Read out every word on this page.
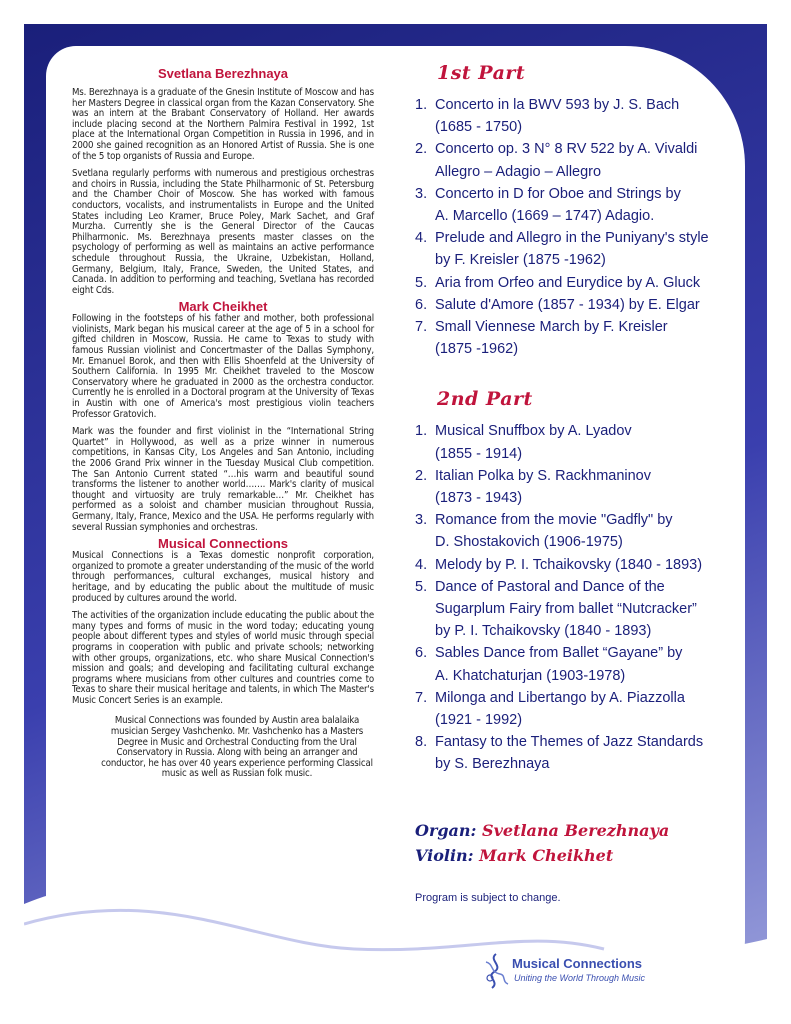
Svetlana Berezhnaya

Ms. Berezhnaya is a graduate of the Gnesin Institute of Moscow and has her Masters Degree in classical organ from the Kazan Conservatory. She was an intern at the Brabant Conservatory of Holland. Her awards include placing second at the Northern Palmira Festival in 1992, 1st place at the International Organ Competition in Russia in 1996, and in 2000 she gained recognition as an Honored Artist of Russia. She is one of the 5 top organists of Russia and Europe.

Svetlana regularly performs with numerous and prestigious orchestras and choirs in Russia, including the State Philharmonic of St. Petersburg and the Chamber Choir of Moscow. She has worked with famous conductors, vocalists, and instrumentalists in Europe and the United States including Leo Kramer, Bruce Poley, Mark Sachet, and Graf Murzha. Currently she is the General Director of the Caucas Philharmonic. Ms. Berezhnaya presents master classes on the psychology of performing as well as maintains an active performance schedule throughout Russia, the Ukraine, Uzbekistan, Holland, Germany, Belgium, Italy, France, Sweden, the United States, and Canada. In addition to performing and teaching, Svetlana has recorded eight Cds.

Mark Cheikhet

Following in the footsteps of his father and mother, both professional violinists, Mark began his musical career at the age of 5 in a school for gifted children in Moscow, Russia. He came to Texas to study with famous Russian violinist and Concertmaster of the Dallas Symphony, Mr. Emanuel Borok, and then with Ellis Shoenfeld at the University of Southern California. In 1995 Mr. Cheikhet traveled to the Moscow Conservatory where he graduated in 2000 as the orchestra conductor. Currently he is enrolled in a Doctoral program at the University of Texas in Austin with one of America's most prestigious violin teachers Professor Gratovich.

Mark was the founder and first violinist in the “International String Quartet” in Hollywood, as well as a prize winner in numerous competitions, in Kansas City, Los Angeles and San Antonio, including the 2006 Grand Prix winner in the Tuesday Musical Club competition. The San Antonio Current stated “…his warm and beautiful sound transforms the listener to another world……. Mark's clarity of musical thought and virtuosity are truly remarkable…” Mr. Cheikhet has performed as a soloist and chamber musician throughout Russia, Germany, Italy, France, Mexico and the USA. He performs regularly with several Russian symphonies and orchestras.

Musical Connections

Musical Connections is a Texas domestic nonprofit corporation, organized to promote a greater understanding of the music of the world through performances, cultural exchanges, musical history and heritage, and by educating the public about the multitude of music produced by cultures around the world.

The activities of the organization include educating the public about the many types and forms of music in the word today; educating young people about different types and styles of world music through special programs in cooperation with public and private schools; networking with other groups, organizations, etc. who share Musical Connection's mission and goals; and developing and facilitating cultural exchange programs where musicians from other cultures and countries come to Texas to share their musical heritage and talents, in which The Master's Music Concert Series is an example.

Musical Connections was founded by Austin area balalaika musician Sergey Vashchenko. Mr. Vashchenko has a Masters Degree in Music and Orchestral Conducting from the Ural Conservatory in Russia. Along with being an arranger and conductor, he has over 40 years experience performing Classical music as well as Russian folk music.

1st Part
1. Concerto in la BWV 593 by J. S. Bach
(1685 - 1750)
2. Concerto op. 3 N° 8 RV 522 by A. Vivaldi
Allegro – Adagio – Allegro
3. Concerto in D for Oboe and Strings by
A. Marcello (1669 – 1747) Adagio.
4. Prelude and Allegro in the Puniyany's style
by F. Kreisler (1875 -1962)
5. Aria from Orfeo and Eurydice by A. Gluck
6. Salute d'Amore (1857 - 1934) by E. Elgar
7. Small Viennese March by F. Kreisler
(1875 -1962)
2nd Part
1. Musical Snuffbox by A. Lyadov
(1855 - 1914)
2. Italian Polka by S. Rackhmaninov
(1873 - 1943)
3. Romance from the movie "Gadfly" by
D. Shostakovich (1906-1975)
4. Melody by P. I. Tchaikovsky (1840 - 1893)
5. Dance of Pastoral and Dance of the
Sugarplum Fairy from ballet “Nutcracker”
by P. I. Tchaikovsky (1840 - 1893)
6. Sables Dance from Ballet “Gayane” by
A. Khatchaturjan (1903-1978)
7. Milonga and Libertango by A. Piazzolla
(1921 - 1992)
8. Fantasy to the Themes of Jazz Standards
by S. Berezhnaya

Organ: Svetlana Berezhnaya

Violin: Mark Cheikhet

Program is subject to change.
Musical Connections
Uniting the World Through Music
